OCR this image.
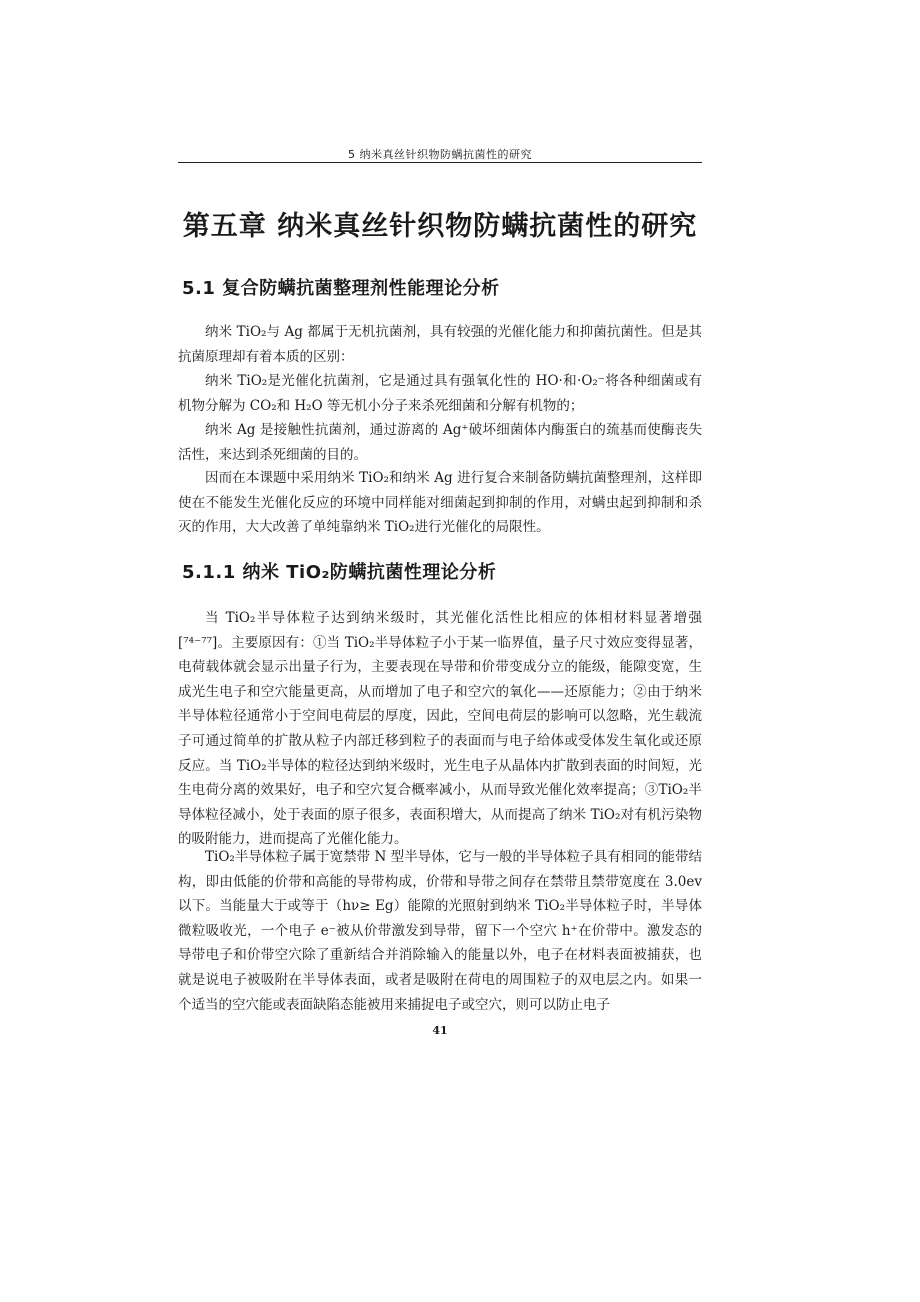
5 纳米真丝针织物防螨抗菌性的研究
第五章 纳米真丝针织物防螨抗菌性的研究
5.1 复合防螨抗菌整理剂性能理论分析

纳米 TiO₂与 Ag 都属于无机抗菌剂，具有较强的光催化能力和抑菌抗菌性。但是其抗菌原理却有着本质的区别：

纳米 TiO₂是光催化抗菌剂，它是通过具有强氧化性的 HO·和·O₂⁻将各种细菌或有机物分解为 CO₂和 H₂O 等无机小分子来杀死细菌和分解有机物的；

纳米 Ag 是接触性抗菌剂，通过游离的 Ag⁺破坏细菌体内酶蛋白的巯基而使酶丧失活性，来达到杀死细菌的目的。

因而在本课题中采用纳米 TiO₂和纳米 Ag 进行复合来制备防螨抗菌整理剂，这样即使在不能发生光催化反应的环境中同样能对细菌起到抑制的作用，对螨虫起到抑制和杀灭的作用，大大改善了单纯靠纳米 TiO₂进行光催化的局限性。

5.1.1 纳米 TiO₂防螨抗菌性理论分析

当 TiO₂半导体粒子达到纳米级时，其光催化活性比相应的体相材料显著增强[⁷⁴⁻⁷⁷]。主要原因有：①当 TiO₂半导体粒子小于某一临界值，量子尺寸效应变得显著，电荷载体就会显示出量子行为，主要表现在导带和价带变成分立的能级，能隙变宽，生成光生电子和空穴能量更高，从而增加了电子和空穴的氧化——还原能力；②由于纳米半导体粒径通常小于空间电荷层的厚度，因此，空间电荷层的影响可以忽略，光生载流子可通过简单的扩散从粒子内部迁移到粒子的表面而与电子给体或受体发生氧化或还原反应。当 TiO₂半导体的粒径达到纳米级时，光生电子从晶体内扩散到表面的时间短，光生电荷分离的效果好，电子和空穴复合概率减小，从而导致光催化效率提高；③TiO₂半导体粒径减小，处于表面的原子很多，表面积增大，从而提高了纳米 TiO₂对有机污染物的吸附能力，进而提高了光催化能力。

TiO₂半导体粒子属于宽禁带 N 型半导体，它与一般的半导体粒子具有相同的能带结构，即由低能的价带和高能的导带构成，价带和导带之间存在禁带且禁带宽度在 3.0ev 以下。当能量大于或等于（hν≥ Eg）能隙的光照射到纳米 TiO₂半导体粒子时，半导体微粒吸收光，一个电子 e⁻被从价带激发到导带，留下一个空穴 h⁺在价带中。激发态的导带电子和价带空穴除了重新结合并消除输入的能量以外，电子在材料表面被捕获，也就是说电子被吸附在半导体表面，或者是吸附在荷电的周围粒子的双电层之内。如果一个适当的空穴能或表面缺陷态能被用来捕捉电子或空穴，则可以防止电子

41
